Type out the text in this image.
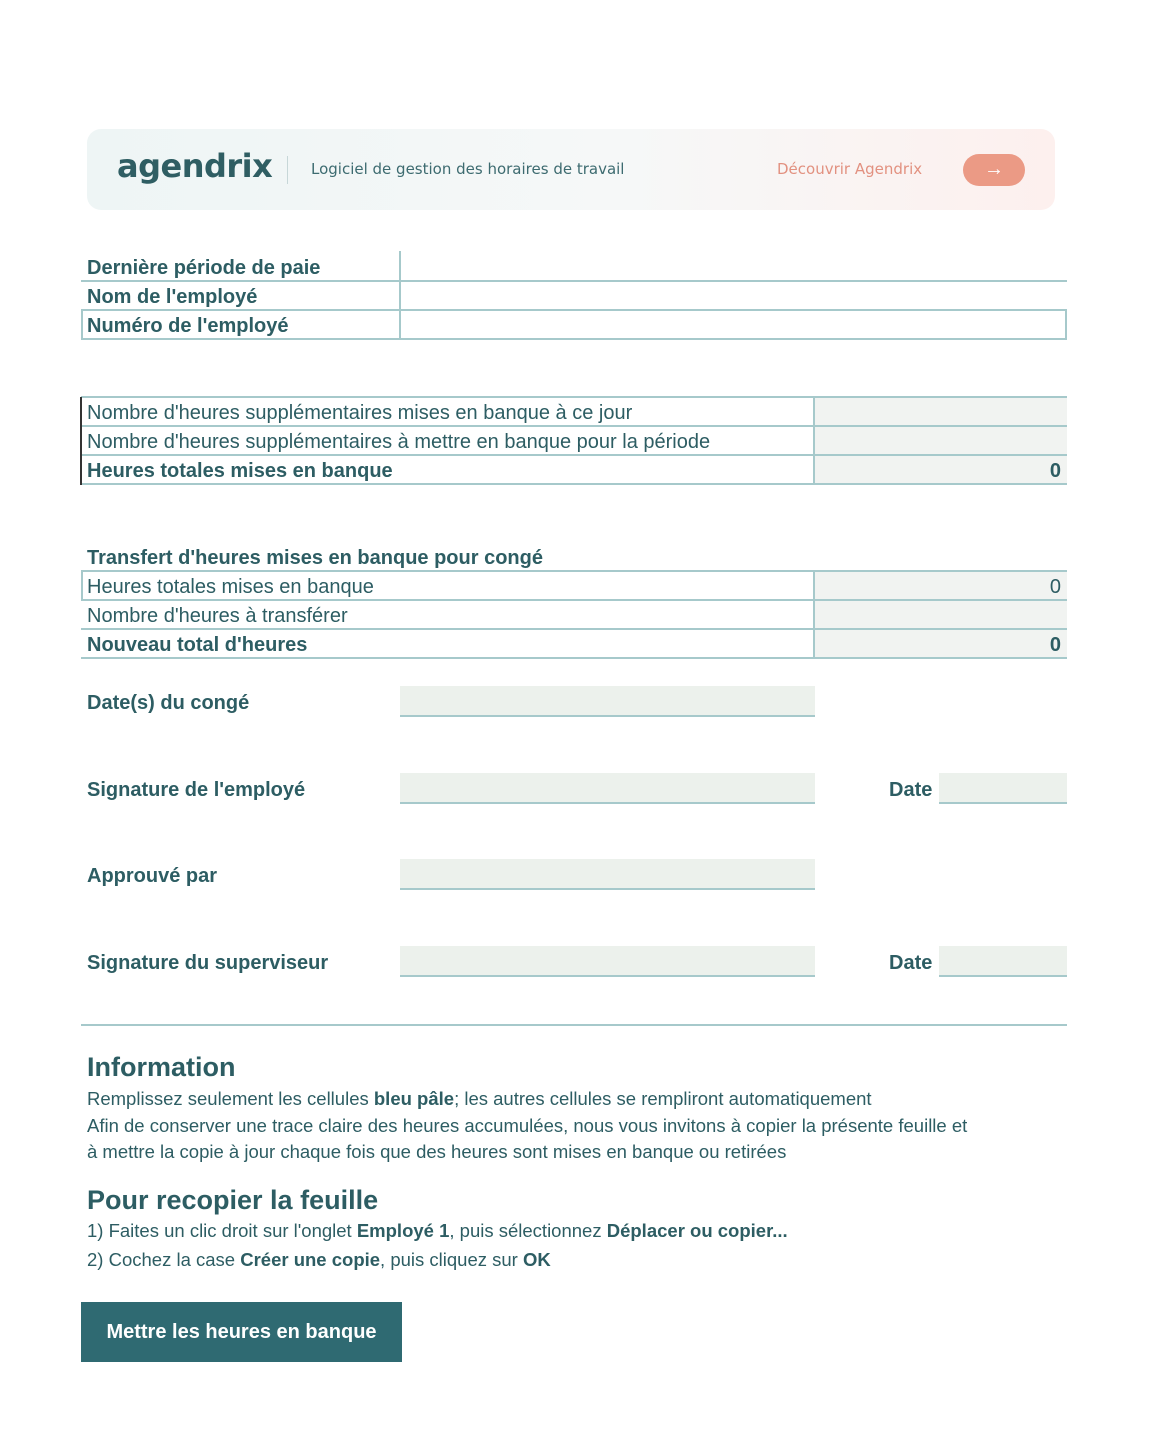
agendrix	Logiciel de gestion des horaires de travail	Découvrir Agendrix	→
Dernière période de paie
Nom de l'employé
Numéro de l'employé
Nombre d'heures supplémentaires mises en banque à ce jour
Nombre d'heures supplémentaires à mettre en banque pour la période
Heures totales mises en banque	0
Transfert d'heures mises en banque pour congé
Heures totales mises en banque	0
Nombre d'heures à transférer
Nouveau total d'heures	0
Date(s) du congé
Signature de l'employé	Date
Approuvé par
Signature du superviseur	Date
Information
Remplissez seulement les cellules bleu pâle; les autres cellules se rempliront automatiquement
Afin de conserver une trace claire des heures accumulées, nous vous invitons à copier la présente feuille et
à mettre la copie à jour chaque fois que des heures sont mises en banque ou retirées
Pour recopier la feuille
1) Faites un clic droit sur l'onglet Employé 1, puis sélectionnez Déplacer ou copier...
2) Cochez la case Créer une copie, puis cliquez sur OK
Mettre les heures en banque
